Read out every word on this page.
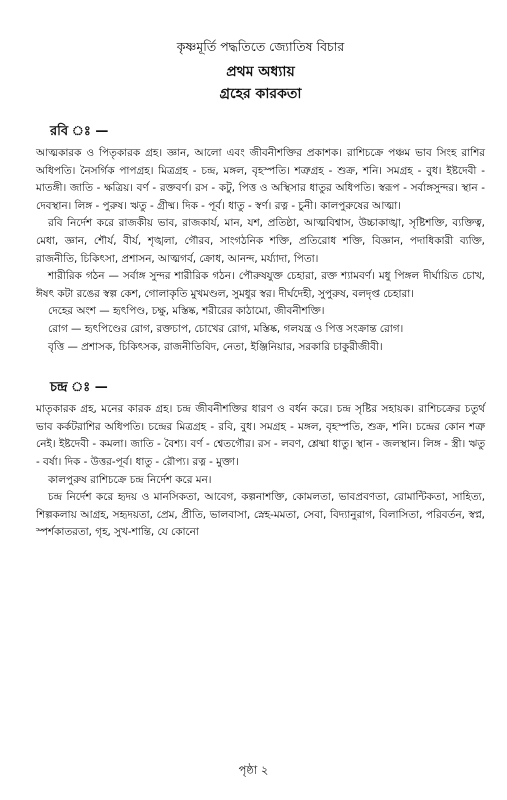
কৃষ্ণমূর্তি পদ্ধতিতে জ্যোতিষ বিচার
প্রথম অধ্যায়
গ্রহের কারকতা
রবি ঃ —

আত্মকারক ও পিতৃকারক গ্রহ। জ্ঞান, আলো এবং জীবনীশক্তির প্রকাশক। রাশিচক্রে পঞ্চম ভাব সিংহ রাশির অধিপতি। নৈসর্গিক পাপগ্রহ। মিত্রগ্রহ - চন্দ্র, মঙ্গল, বৃহস্পতি। শত্রুগ্রহ - শুক্র, শনি। সমগ্রহ - বুধ। ইষ্টদেবী - মাতঙ্গী। জাতি - ক্ষত্রিয়। বর্ণ - রক্তবর্ণ। রস - কটু, পিত্ত ও অস্থিসার ধাতুর অধিপতি। স্বরূপ - সর্বাঙ্গসুন্দর। স্থান - দেবস্থান। লিঙ্গ - পুরুষ। ঋতু - গ্রীষ্ম। দিক - পূর্ব। ধাতু - স্বর্ণ। রত্ন - চুনী। কালপুরুষের আত্মা।

রবি নির্দেশ করে রাজকীয় ভাব, রাজকার্য, মান, যশ, প্রতিষ্ঠা, আত্মবিশ্বাস, উচ্চাকাঙ্খা, সৃষ্টিশক্তি, ব্যক্তিত্ব, মেধা, জ্ঞান, শৌর্য, বীর্য, শৃঙ্খলা, গৌরব, সাংগঠনিক শক্তি, প্রতিরোধ শক্তি, বিজ্ঞান, পদাধিকারী ব্যক্তি, রাজনীতি, চিকিৎসা, প্রশাসন, আত্মগর্ব, ক্রোধ, আনন্দ, মর্য্যাদা, পিতা।

শারীরিক গঠন — সর্বাঙ্গ সুন্দর শারীরিক গঠন। পৌরুষযুক্ত চেহারা, রক্ত শ্যামবর্ণ। মধু পিঙ্গল দীর্ঘায়িত চোখ, ঈষৎ কটা রঙের স্বল্প কেশ, গোলাকৃতি মুখমণ্ডল, সুমধুর স্বর। দীর্ঘদেহী, সুপুরুষ, বলদৃপ্ত চেহারা।

দেহের অংশ — হৃৎপিণ্ড, চক্ষু, মস্তিষ্ক, শরীরের কাঠামো, জীবনীশক্তি।

রোগ — হৃৎপিণ্ডের রোগ, রক্তচাপ, চোখের রোগ, মস্তিষ্ক, গলযন্ত্র ও পিত্ত সংক্রান্ত রোগ।

বৃত্তি — প্রশাসক, চিকিৎসক, রাজনীতিবিদ, নেতা, ইঞ্জিনিয়ার, সরকারি চাকুরীজীবী।

চন্দ্র ঃ —

মাতৃকারক গ্রহ, মনের কারক গ্রহ। চন্দ্র জীবনীশক্তির ধারণ ও বর্ধন করে। চন্দ্র সৃষ্টির সহায়ক। রাশিচক্রের চতুর্থ ভাব কর্কটরাশির অধিপতি। চন্দ্রের মিত্রগ্রহ - রবি, বুধ। সমগ্রহ - মঙ্গল, বৃহস্পতি, শুক্র, শনি। চন্দ্রের কোন শত্রু নেই। ইষ্টদেবী - কমলা। জাতি - বৈশ্য। বর্ণ - শ্বেতগৌর। রস - লবণ, শ্লেষ্মা ধাতু। স্থান - জলস্থান। লিঙ্গ - স্ত্রী। ঋতু - বর্ষা। দিক - উত্তর-পূর্ব। ধাতু - রৌপ্য। রত্ন - মুক্তা।

কালপুরুষ রাশিচক্রে চন্দ্র নির্দেশ করে মন।

চন্দ্র নির্দেশ করে হৃদয় ও মানসিকতা, আবেগ, কল্পনাশক্তি, কোমলতা, ভাবপ্রবণতা, রোমান্টিকতা, সাহিত্য, শিল্পকলায় আগ্রহ, সহৃদয়তা, প্রেম, প্রীতি, ভালবাসা, স্নেহ-মমতা, সেবা, বিদ্যানুরাগ, বিলাসিতা, পরিবর্তন, স্বপ্ন, স্পর্শকাতরতা, গৃহ, সুখ-শান্তি, যে কোনো

পৃষ্ঠা ২
